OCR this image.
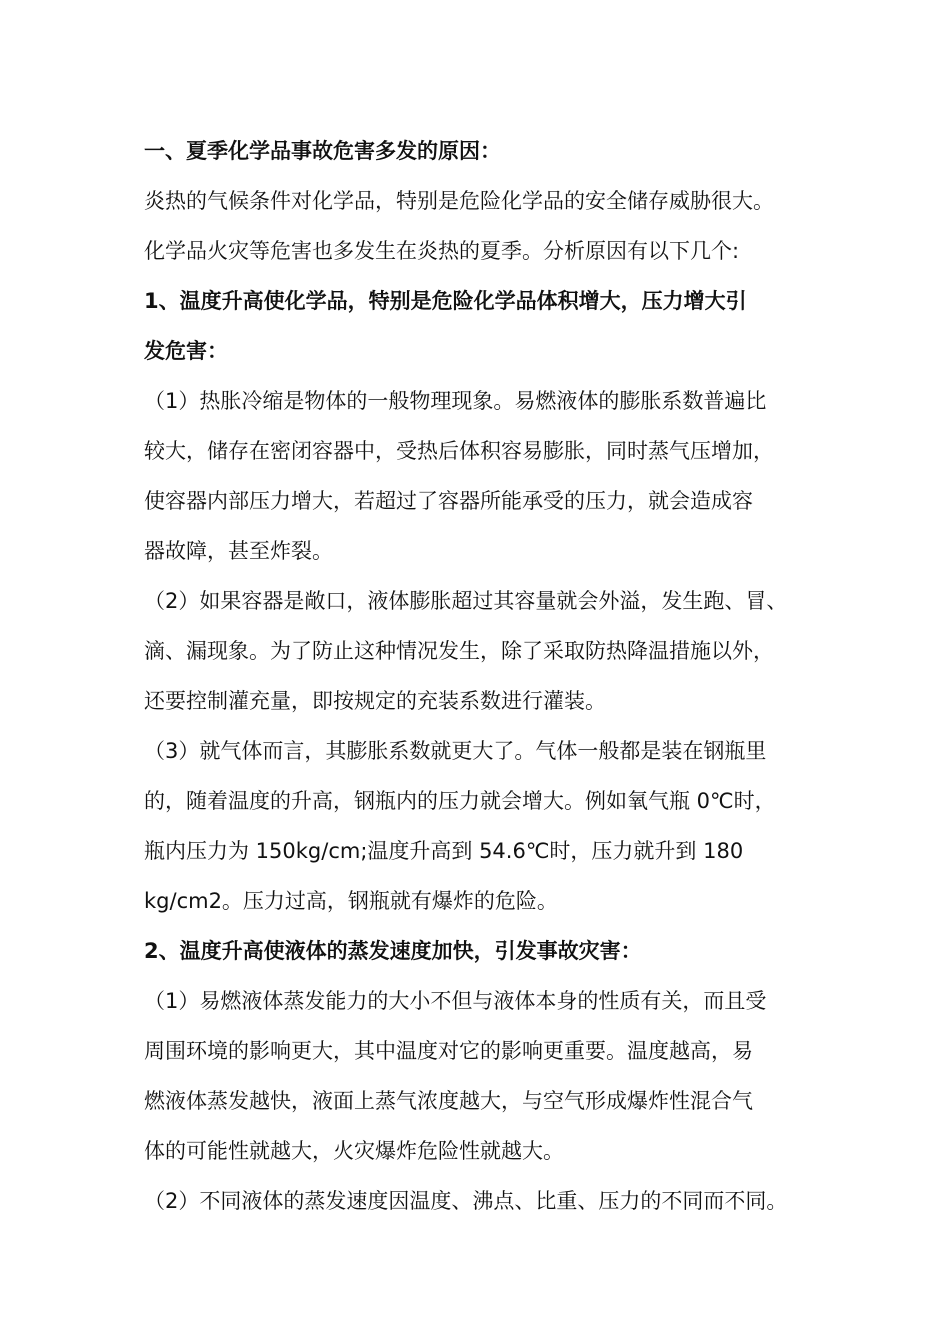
一、夏季化学品事故危害多发的原因：
炎热的气候条件对化学品，特别是危险化学品的安全储存威胁很大。
化学品火灾等危害也多发生在炎热的夏季。分析原因有以下几个:
1、温度升高使化学品，特别是危险化学品体积增大，压力增大引
发危害：
（1）热胀冷缩是物体的一般物理现象。易燃液体的膨胀系数普遍比
较大，储存在密闭容器中，受热后体积容易膨胀，同时蒸气压增加，
使容器内部压力增大，若超过了容器所能承受的压力，就会造成容
器故障，甚至炸裂。
（2）如果容器是敞口，液体膨胀超过其容量就会外溢，发生跑、冒、
滴、漏现象。为了防止这种情况发生，除了采取防热降温措施以外，
还要控制灌充量，即按规定的充装系数进行灌装。
（3）就气体而言，其膨胀系数就更大了。气体一般都是装在钢瓶里
的，随着温度的升高，钢瓶内的压力就会增大。例如氧气瓶 0℃时，
瓶内压力为 150kg/cm;温度升高到 54.6℃时，压力就升到 180
kg/cm2。压力过高，钢瓶就有爆炸的危险。
2、温度升高使液体的蒸发速度加快，引发事故灾害：
（1）易燃液体蒸发能力的大小不但与液体本身的性质有关，而且受
周围环境的影响更大，其中温度对它的影响更重要。温度越高，易
燃液体蒸发越快，液面上蒸气浓度越大，与空气形成爆炸性混合气
体的可能性就越大，火灾爆炸危险性就越大。
（2）不同液体的蒸发速度因温度、沸点、比重、压力的不同而不同。
